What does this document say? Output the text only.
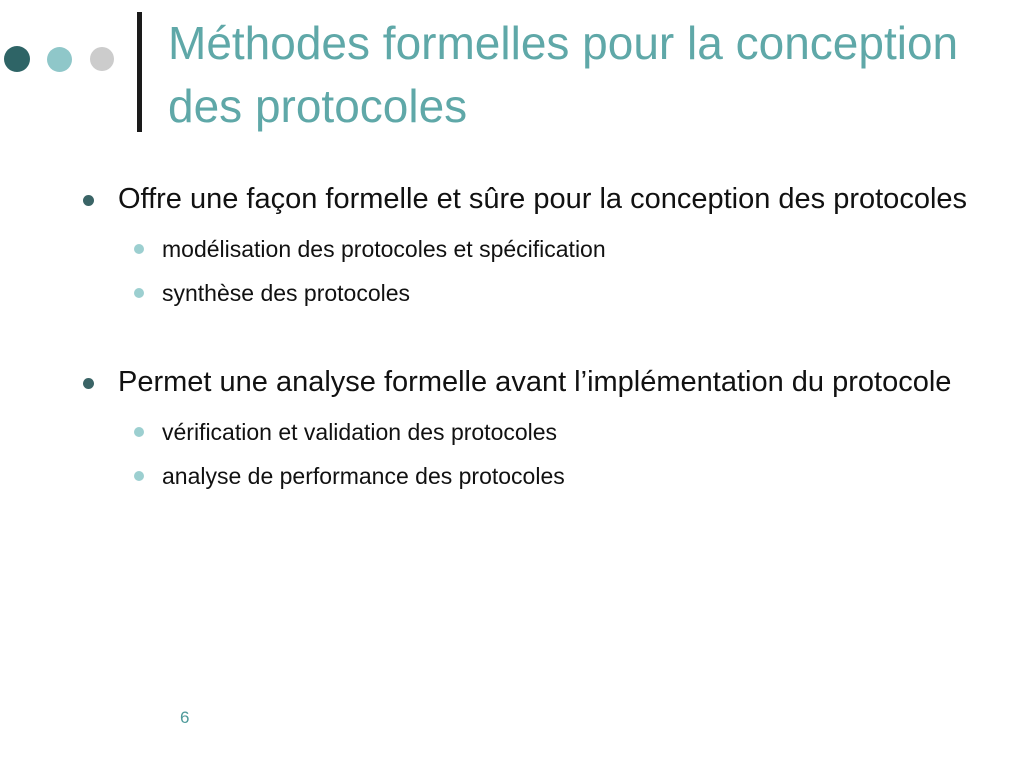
Méthodes formelles pour la conception des protocoles
Offre une façon formelle et sûre pour la conception des protocoles
modélisation des protocoles et spécification
synthèse des protocoles
Permet une analyse formelle avant l’implémentation du protocole
vérification et validation des protocoles
analyse de performance des protocoles
6
